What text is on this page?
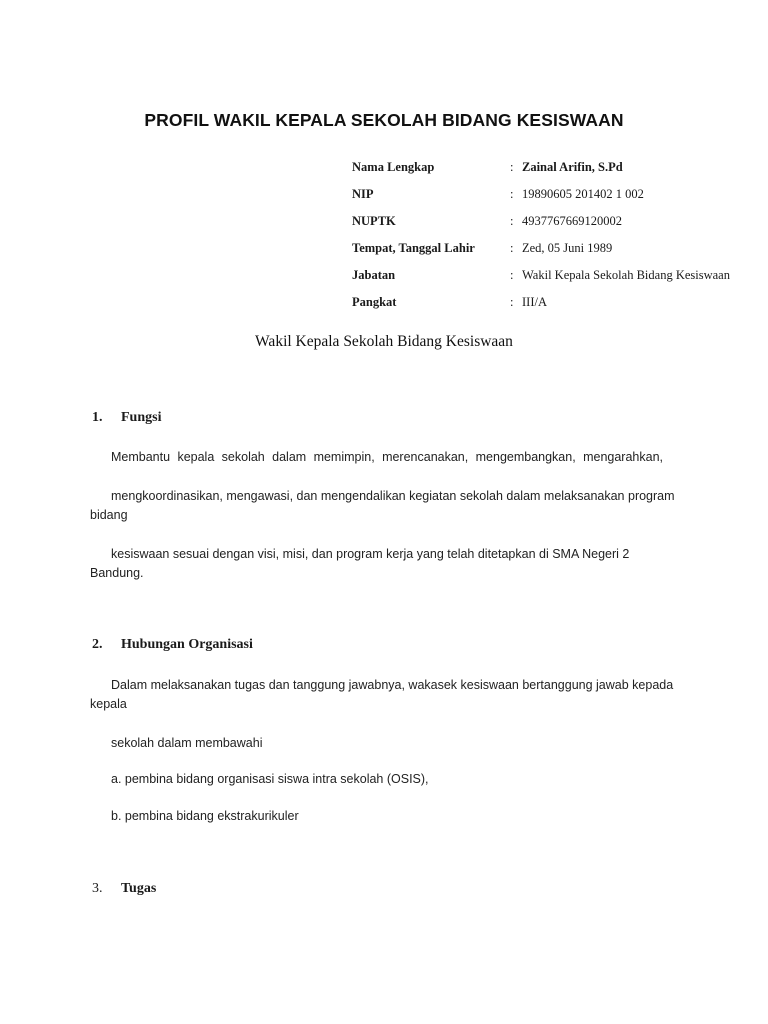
PROFIL WAKIL KEPALA SEKOLAH BIDANG KESISWAAN
Nama Lengkap	: Zainal Arifin, S.Pd
NIP	: 19890605 201402 1 002
NUPTK	: 4937767669120002
Tempat, Tanggal Lahir	: Zed, 05 Juni 1989
Jabatan	: Wakil Kepala Sekolah Bidang Kesiswaan
Pangkat	: III/A
Wakil Kepala Sekolah Bidang Kesiswaan
1. Fungsi
Membantu kepala sekolah dalam memimpin, merencanakan, mengembangkan, mengarahkan,
mengkoordinasikan, mengawasi, dan mengendalikan kegiatan sekolah dalam melaksanakan program
bidang
kesiswaan sesuai dengan visi, misi, dan program kerja yang telah ditetapkan di SMA Negeri 2
Bandung.
2. Hubungan Organisasi
Dalam melaksanakan tugas dan tanggung jawabnya, wakasek kesiswaan bertanggung jawab kepada
kepala
sekolah dalam membawahi
a. pembina bidang organisasi siswa intra sekolah (OSIS),
b. pembina bidang ekstrakurikuler
3. Tugas
